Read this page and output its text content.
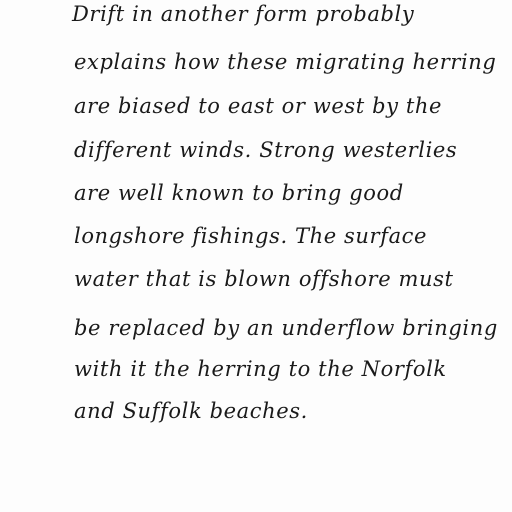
Drift in another form probably
explains how these migrating herring
are biased to east or west by the
different winds. Strong westerlies
are well known to bring good
longshore fishings. The surface
water that is blown offshore must
be replaced by an underflow bringing
with it the herring to the Norfolk
and Suffolk beaches.
